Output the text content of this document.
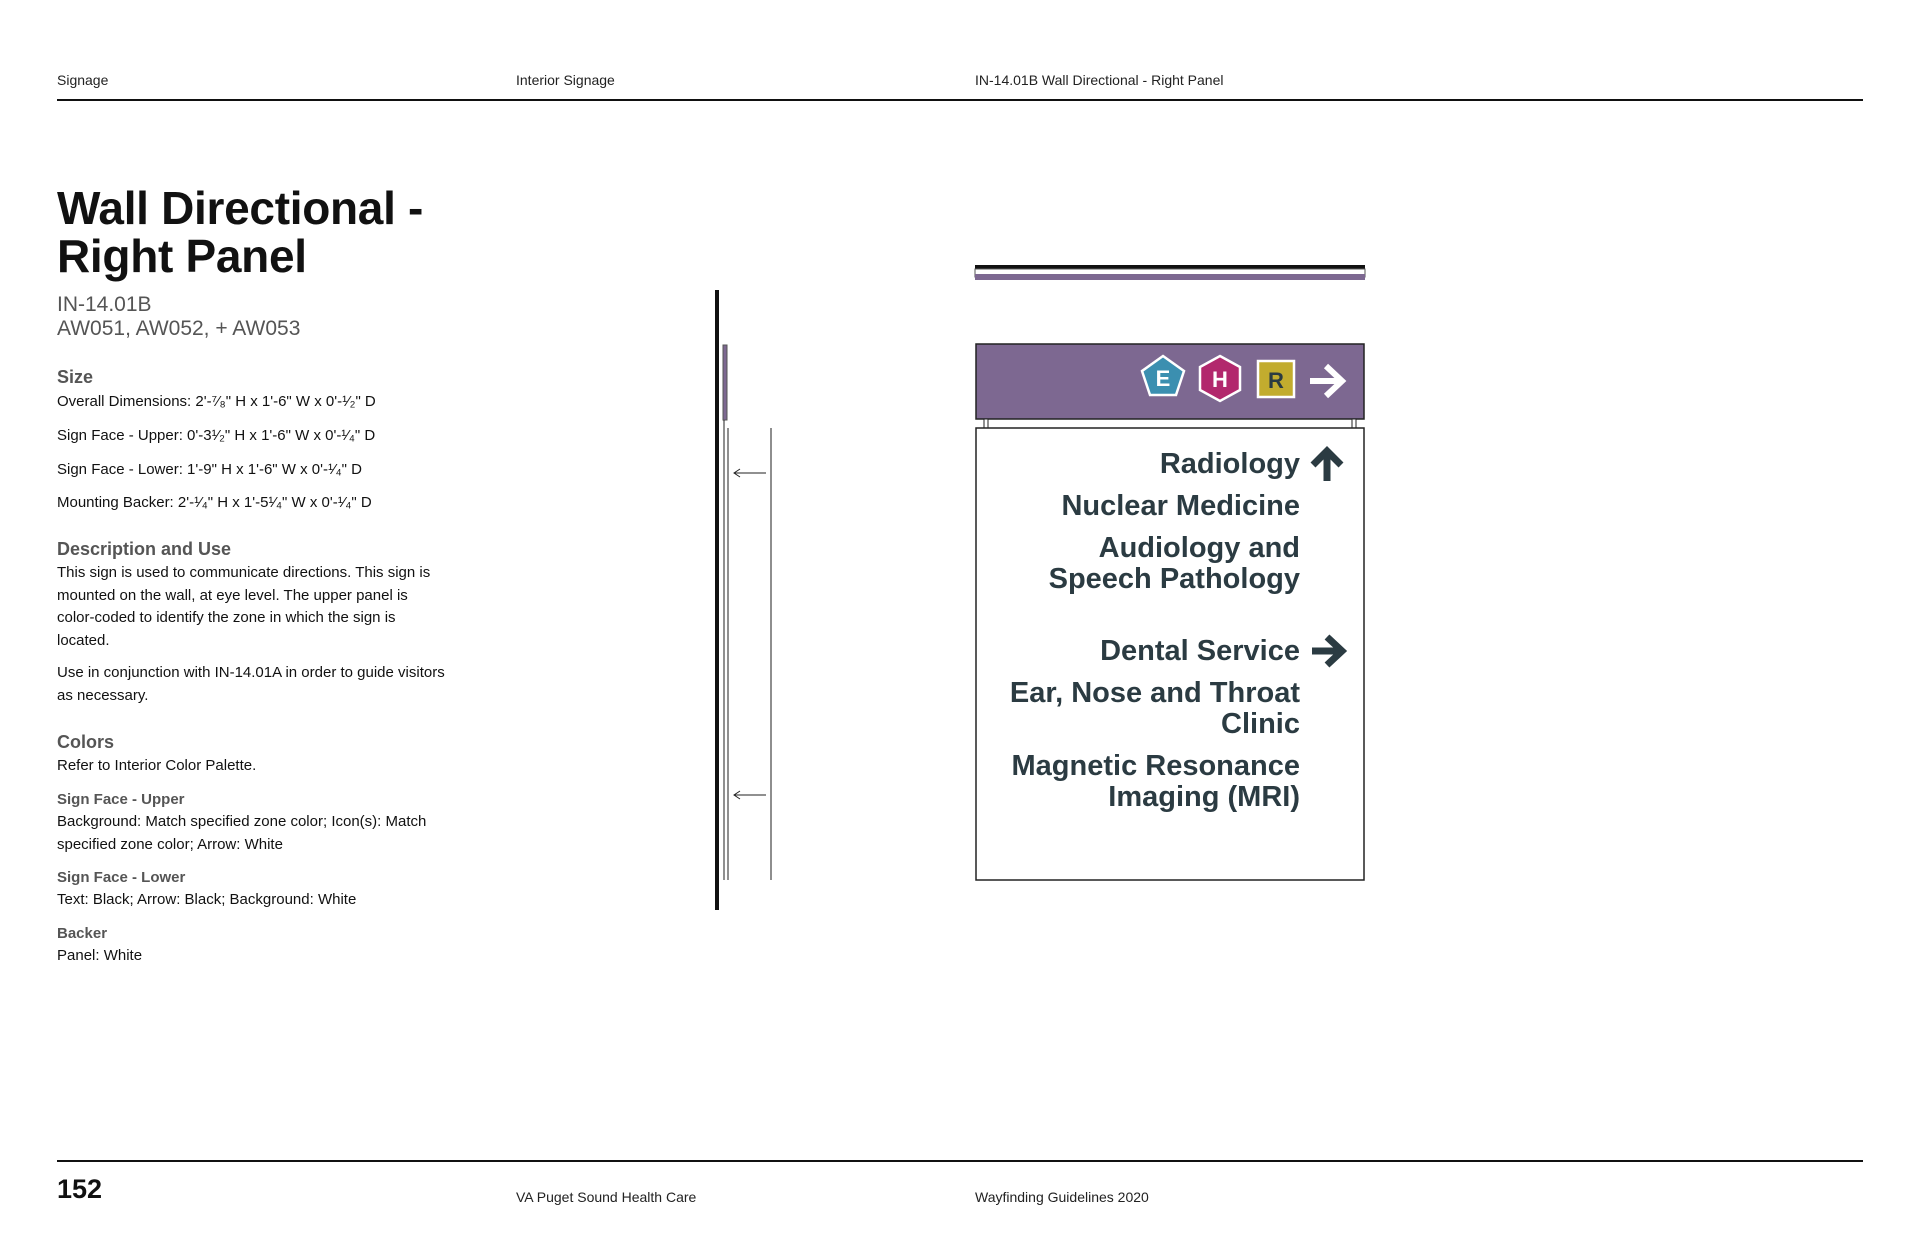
Signage	Interior Signage	IN-14.01B Wall Directional - Right Panel
Wall Directional -
Right Panel
IN-14.01B
AW051, AW052, + AW053
Size
Overall Dimensions: 2'-⁷⁄₈" H x 1'-6" W x 0'-¹⁄₂" D
Sign Face - Upper: 0'-3¹⁄₂" H x 1'-6" W x 0'-¹⁄₄" D
Sign Face - Lower: 1'-9" H x 1'-6" W x 0'-¹⁄₄" D
Mounting Backer: 2'-¹⁄₄" H x 1'-5¹⁄₄" W x 0'-¹⁄₄" D
Description and Use
This sign is used to communicate directions. This sign is mounted on the wall, at eye level. The upper panel is color-coded to identify the zone in which the sign is located.
Use in conjunction with IN-14.01A in order to guide visitors as necessary.
Colors
Refer to Interior Color Palette.
Sign Face - Upper
Background: Match specified zone color; Icon(s): Match specified zone color; Arrow: White
Sign Face - Lower
Text: Black; Arrow: Black; Background: White
Backer
Panel: White
E H R
Radiology
Nuclear Medicine
Audiology and
Speech Pathology
Dental Service
Ear, Nose and Throat
Clinic
Magnetic Resonance
Imaging (MRI)
152	VA Puget Sound Health Care	Wayfinding Guidelines 2020
